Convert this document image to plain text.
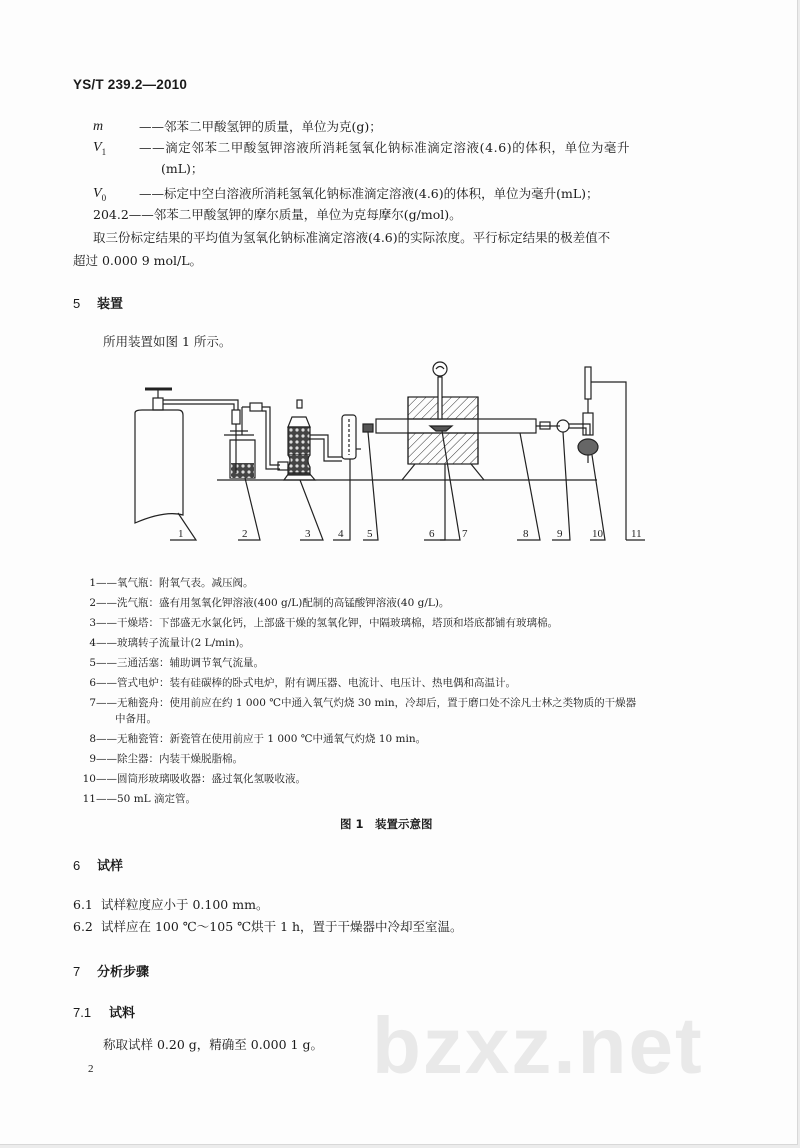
YS/T 239.2—2010
m	——邻苯二甲酸氢钾的质量，单位为克(g)；
$V_1$	——滴定邻苯二甲酸氢钾溶液所消耗氢氧化钠标准滴定溶液(4.6)的体积，单位为毫升
(mL)；
$V_0$	——标定中空白溶液所消耗氢氧化钠标准滴定溶液(4.6)的体积，单位为毫升(mL)；
204.2——邻苯二甲酸氢钾的摩尔质量，单位为克每摩尔(g/mol)。
取三份标定结果的平均值为氢氧化钠标准滴定溶液(4.6)的实际浓度。平行标定结果的极差值不
超过 0.000 9 mol/L。
5 装置
所用装置如图 1 所示。
1	2	3	4 5	6	7	8	9	10	11
1——氧气瓶：附氧气表。减压阀。
2——洗气瓶：盛有用氢氧化钾溶液(400 g/L)配制的高锰酸钾溶液(40 g/L)。
3——干燥塔：下部盛无水氯化钙，上部盛干燥的氢氧化钾，中隔玻璃棉，塔顶和塔底都铺有玻璃棉。
4——玻璃转子流量计(2 L/min)。
5——三通活塞：辅助调节氧气流量。
6——管式电炉：装有硅碳棒的卧式电炉，附有调压器、电流计、电压计、热电偶和高温计。
7——无釉瓷舟：使用前应在约 1 000 ℃中通入氧气灼烧 30 min，冷却后，置于磨口处不涂凡士林之类物质的干燥器
中备用。
8——无釉瓷管：新瓷管在使用前应于 1 000 ℃中通氧气灼烧 10 min。
9——除尘器：内装干燥脱脂棉。
10——圆筒形玻璃吸收器：盛过氧化氢吸收液。
11——50 mL 滴定管。
图 1　装置示意图
6 试样
6.1 试样粒度应小于 0.100 mm。
6.2 试样应在 100 ℃～105 ℃烘干 1 h，置于干燥器中冷却至室温。
7 分析步骤
7.1 试料
称取试样 0.20 g，精确至 0.000 1 g。 bzxz.net
2
